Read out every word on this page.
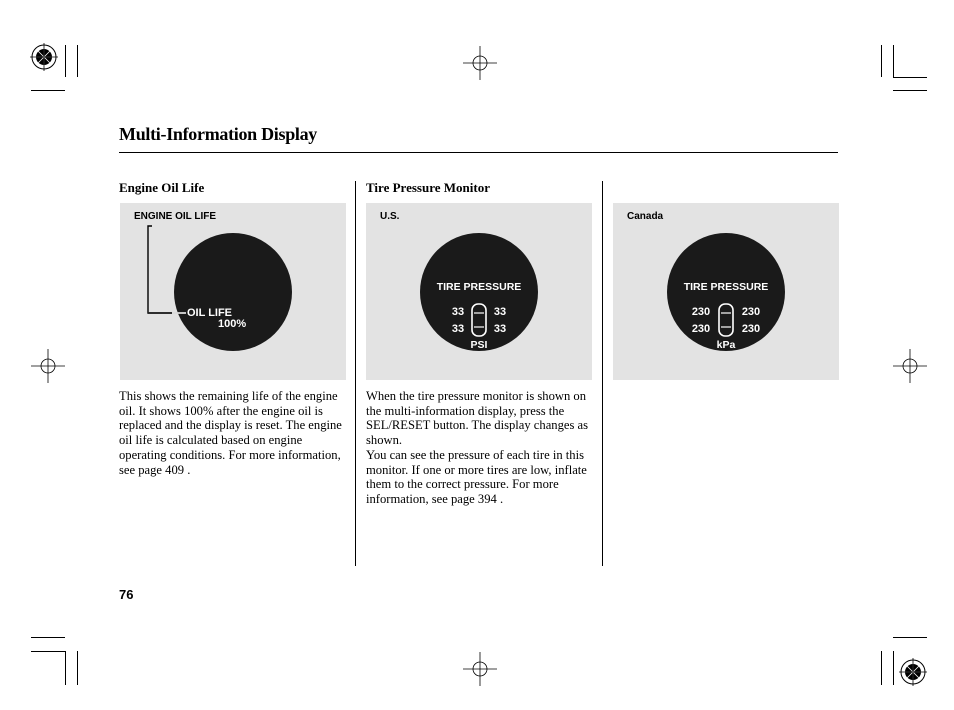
Multi-Information Display
Engine Oil Life	Tire Pressure Monitor
ENGINE OIL LIFE
OIL LIFE
100%
U.S.
TIRE PRESSURE
33	33
33	33
PSI
Canada
TIRE PRESSURE
230	230
230	230
kPa
This shows the remaining life of the engine oil. It shows 100% after the engine oil is replaced and the display is reset. The engine oil life is calculated based on engine operating conditions. For more information, see page 409 .
When the tire pressure monitor is shown on the multi-information display, press the SEL/RESET button. The display changes as shown.
You can see the pressure of each tire in this monitor. If one or more tires are low, inflate them to the correct pressure. For more information, see page 394 .
76
